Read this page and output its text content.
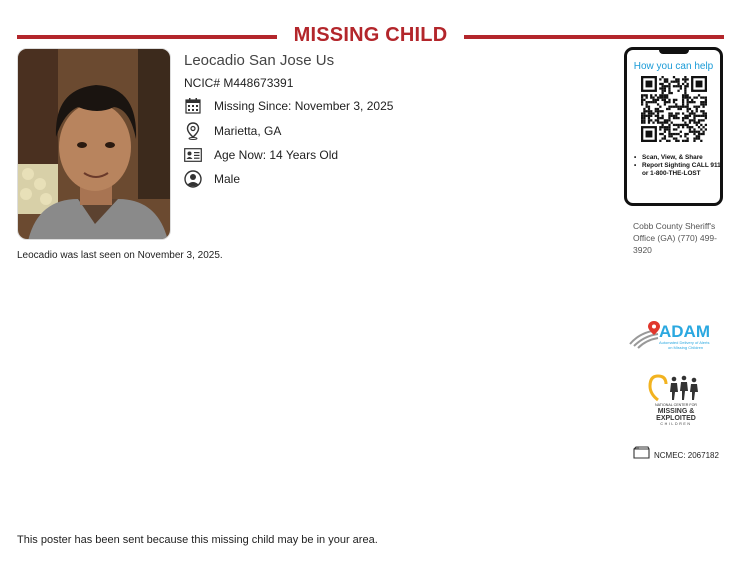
MISSING CHILD
Leocadio San Jose Us
NCIC# M448673391
Missing Since: November 3, 2025
Marietta, GA
Age Now: 14 Years Old
Male
Leocadio was last seen on November 3, 2025.
How you can help
• Scan, View, & Share
• Report Sighting CALL 911 or 1-800-THE-LOST
Cobb County Sheriff's Office (GA) (770) 499-3920
ADAM
Automated Delivery of Alerts
on Missing Children
NATIONAL CENTER FOR
MISSING &
EXPLOITED
CHILDREN
NCMEC: 2067182
This poster has been sent because this missing child may be in your area.
